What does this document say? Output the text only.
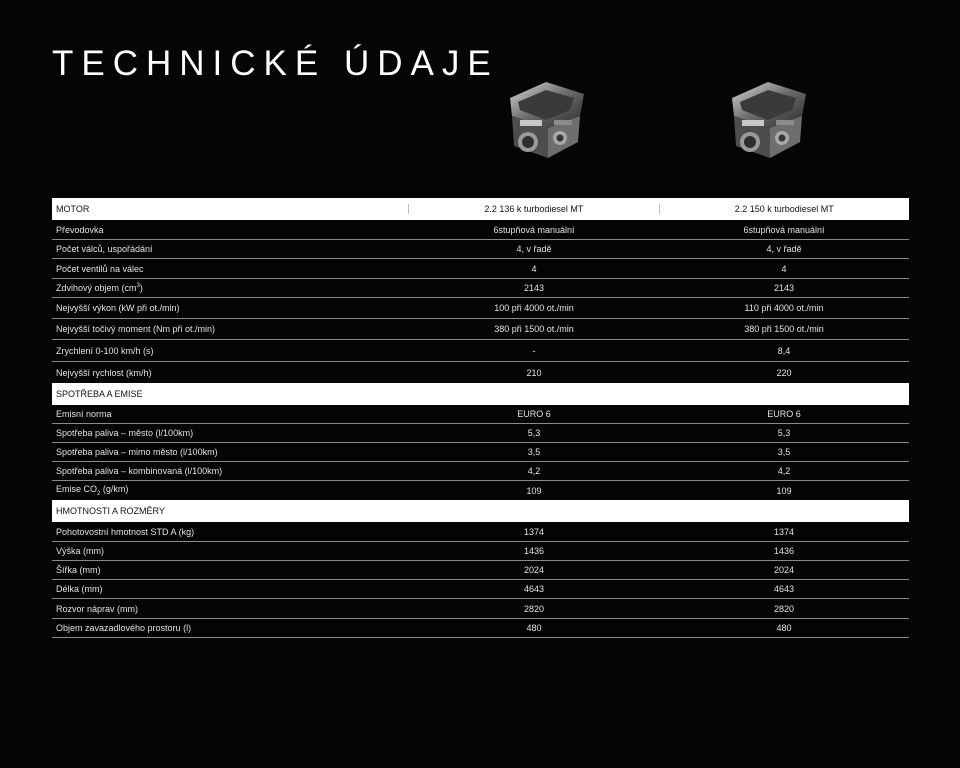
TECHNICKÉ ÚDAJE
MOTOR	2.2 136 k turbodiesel MT	2.2 150 k turbodiesel MT
Převodovka	6stupňová manuální	6stupňová manuální
Počet válců, uspořádání	4, v řadě	4, v řadě
Počet ventilů na válec	4	4
Zdvihový objem $(cm^3)$	2143	2143
Nejvyšší výkon (kW při ot./min)	100 při 4000 ot./min	110 při 4000 ot./min
Nejvyšší točivý moment (Nm při ot./min)	380 při 1500 ot./min	380 při 1500 ot./min
Zrychlení 0-100 km/h (s)	-	8,4
Nejvyšší rychlost (km/h)	210	220
SPOTŘEBA A EMISE
Emisní norma	EURO 6	EURO 6
Spotřeba paliva – město (l/100km)	5,3	5,3
Spotřeba paliva – mimo město (l/100km)	3,5	3,5
Spotřeba paliva – kombinovaná (l/100km)	4,2	4,2
Emise $CO_2$ (g/km)	109	109
HMOTNOSTI A ROZMĚRY
Pohotovostní hmotnost STD A (kg)	1374	1374
Výška (mm)	1436	1436
Šířka (mm)	2024	2024
Délka (mm)	4643	4643
Rozvor náprav (mm)	2820	2820
Objem zavazadlového prostoru (l)	480	480
